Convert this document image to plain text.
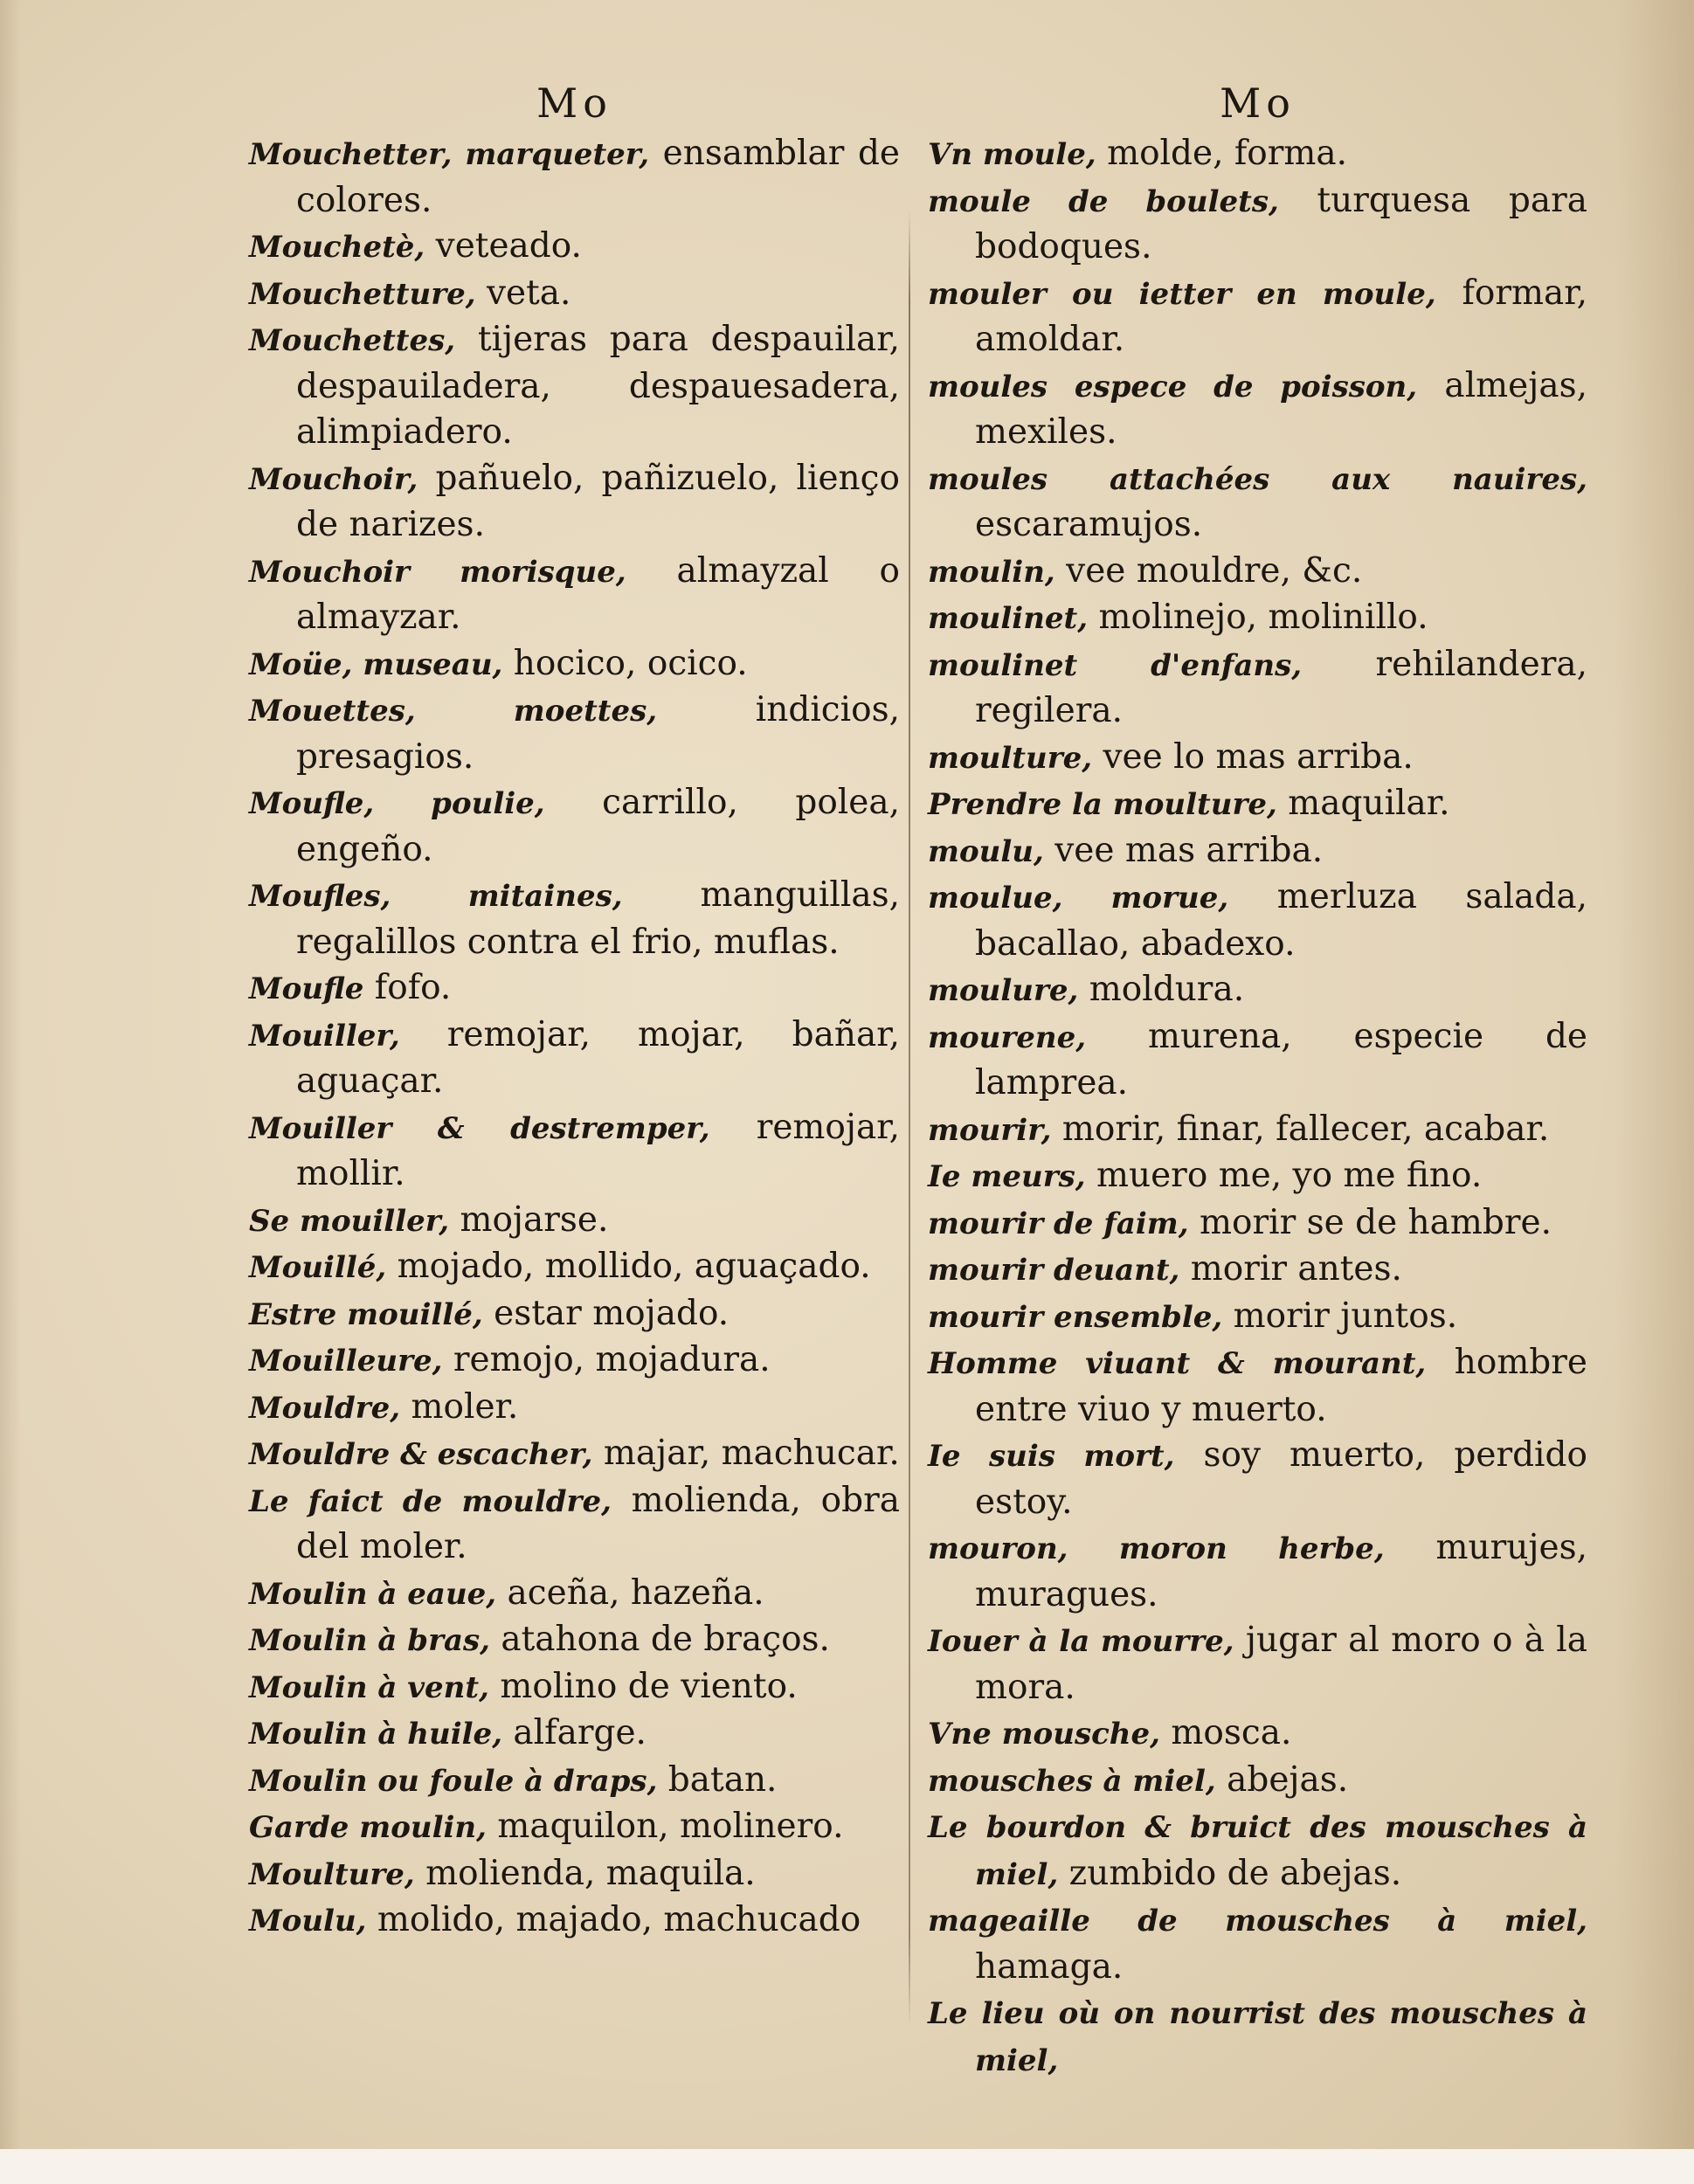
Mo
Mouchetter, marqueter, ensamblar de colores.
Mouchetè, veteado.
Mouchetture, veta.
Mouchettes, tijeras para despauilar, despauiladera, despauesadera, alimpiadero.
Mouchoir, pañuelo, pañizuelo, lienço de narizes.
Mouchoir morisque, almayzal o almayzar.
Moüe, museau, hocico, ocico.
Mouettes, moettes, indicios, presagios.
Moufle, poulie, carrillo, polea, engeño.
Moufles, mitaines, manguillas, regalillos contra el frio, muflas.
Moufle fofo.
Mouiller, remojar, mojar, bañar, aguaçar.
Mouiller & destremper, remojar, mollir.
Se mouiller, mojarse.
Mouillé, mojado, mollido, aguaçado.
Estre mouillé, estar mojado.
Mouilleure, remojo, mojadura.
Mouldre, moler.
Mouldre & escacher, majar, machucar.
Le faict de mouldre, molienda, obra del moler.
Moulin à eaue, aceña, hazeña.
Moulin à bras, atahona de braços.
Moulin à vent, molino de viento.
Moulin à huile, alfarge.
Moulin ou foule à draps, batan.
Garde moulin, maquilon, molinero.
Moulture, molienda, maquila.
Moulu, molido, majado, machucado
Mo
Vn moule, molde, forma.
moule de boulets, turquesa para bodoques.
mouler ou ietter en moule, formar, amoldar.
moules espece de poisson, almejas, mexiles.
moules attachées aux nauires, escaramujos.
moulin, vee mouldre, &c.
moulinet, molinejo, molinillo.
moulinet d'enfans, rehilandera, regilera.
moulture, vee lo mas arriba.
Prendre la moulture, maquilar.
moulu, vee mas arriba.
moulue, morue, merluza salada, bacallao, abadexo.
moulure, moldura.
mourene, murena, especie de lamprea.
mourir, morir, finar, fallecer, acabar.
Ie meurs, muero me, yo me fino.
mourir de faim, morir se de hambre.
mourir deuant, morir antes.
mourir ensemble, morir juntos.
Homme viuant & mourant, hombre entre viuo y muerto.
Ie suis mort, soy muerto, perdido estoy.
mouron, moron herbe, murujes, muragues.
Iouer à la mourre, jugar al moro o à la mora.
Vne mousche, mosca.
mousches à miel, abejas.
Le bourdon & bruict des mousches à miel, zumbido de abejas.
mageaille de mousches à miel, hamaga.
Le lieu où on nourrist des mousches à miel,
